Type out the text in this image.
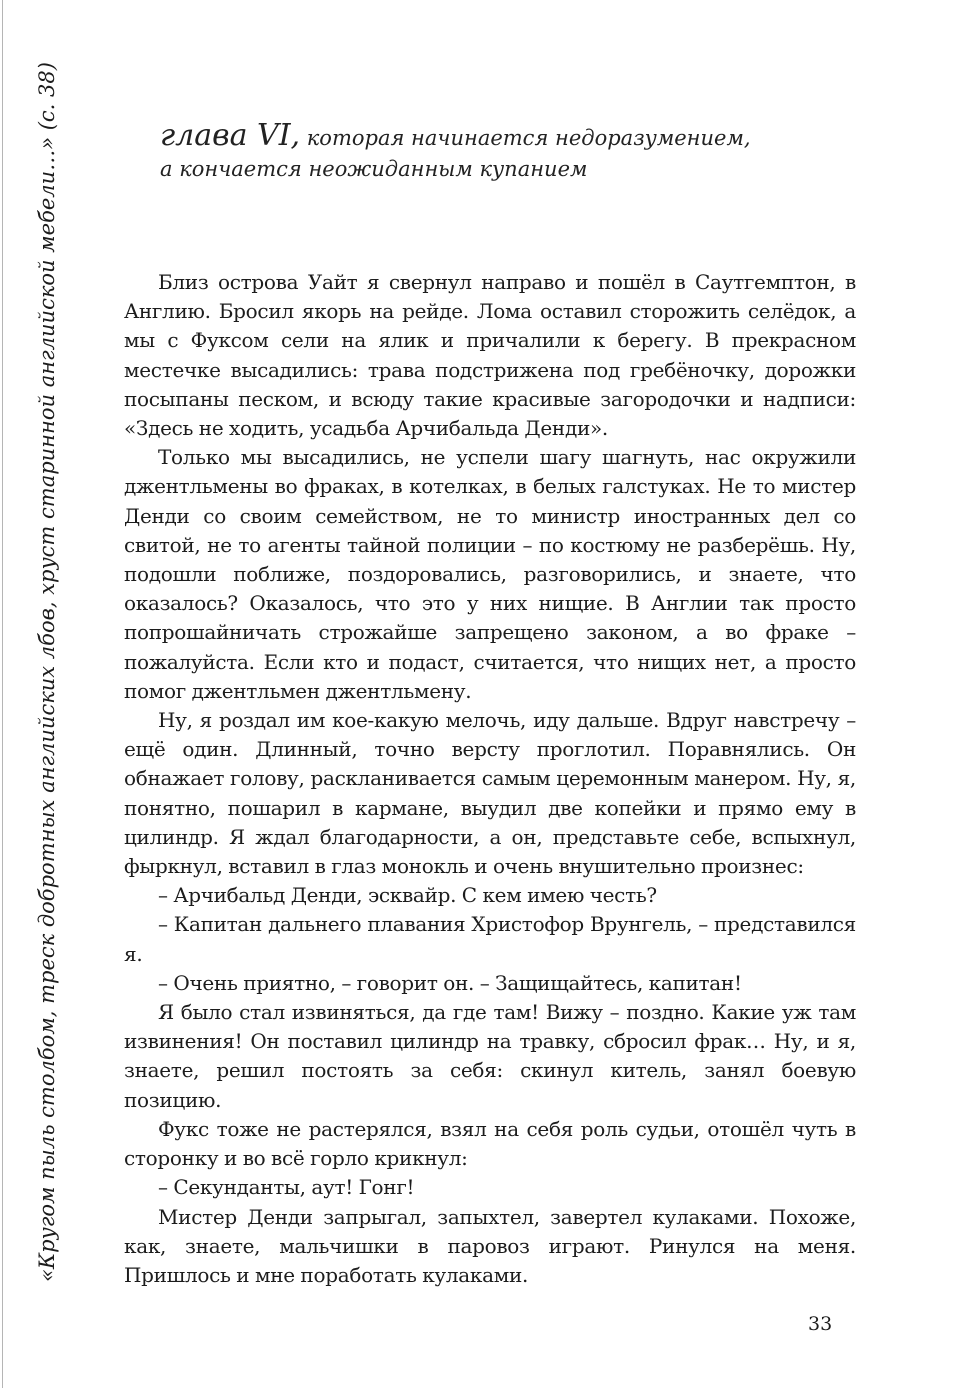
«Кругом пыль столбом, треск добротных английских лбов, хруст старинной английской мебели…» (с. 38)	глава VI, которая начинается недоразумением,
а кончается неожиданным купанием

Близ острова Уайт я свернул направо и пошёл в Саутгемптон, в Англию. Бросил якорь на рейде. Лома оставил сторожить селёдок, а мы с Фуксом сели на ялик и причалили к берегу. В прекрасном местечке высадились: трава подстрижена под гребёночку, дорожки посыпаны песком, и всюду такие красивые загородочки и надписи: «Здесь не ходить, усадьба Арчибальда Денди».

Только мы высадились, не успели шагу шагнуть, нас окружили джентльмены во фраках, в котелках, в белых галстуках. Не то мистер Денди со своим семейством, не то министр иностранных дел со свитой, не то агенты тайной полиции – по костюму не разберёшь. Ну, подошли поближе, поздоровались, разговорились, и знаете, что оказалось? Оказалось, что это у них нищие. В Англии так просто попрошайничать строжайше запрещено законом, а во фраке – пожалуйста. Если кто и подаст, считается, что нищих нет, а просто помог джентльмен джентльмену.

Ну, я роздал им кое-какую мелочь, иду дальше. Вдруг навстречу – ещё один. Длинный, точно версту проглотил. Поравнялись. Он обнажает голову, раскланивается самым церемонным манером. Ну, я, понятно, пошарил в кармане, выудил две копейки и прямо ему в цилиндр. Я ждал благодарности, а он, представьте себе, вспыхнул, фыркнул, вставил в глаз монокль и очень внушительно произнес:

– Арчибальд Денди, эсквайр. С кем имею честь?

– Капитан дальнего плавания Христофор Врунгель, – представился я.

– Очень приятно, – говорит он. – Защищайтесь, капитан!

Я было стал извиняться, да где там! Вижу – поздно. Какие уж там извинения! Он поставил цилиндр на травку, сбросил фрак… Ну, и я, знаете, решил постоять за себя: скинул китель, занял боевую позицию.

Фукс тоже не растерялся, взял на себя роль судьи, отошёл чуть в сторонку и во всё горло крикнул:

– Секунданты, аут! Гонг!

Мистер Денди запрыгал, запыхтел, завертел кулаками. Похоже, как, знаете, мальчишки в паровоз играют. Ринулся на меня. Пришлось и мне поработать кулаками.

33
